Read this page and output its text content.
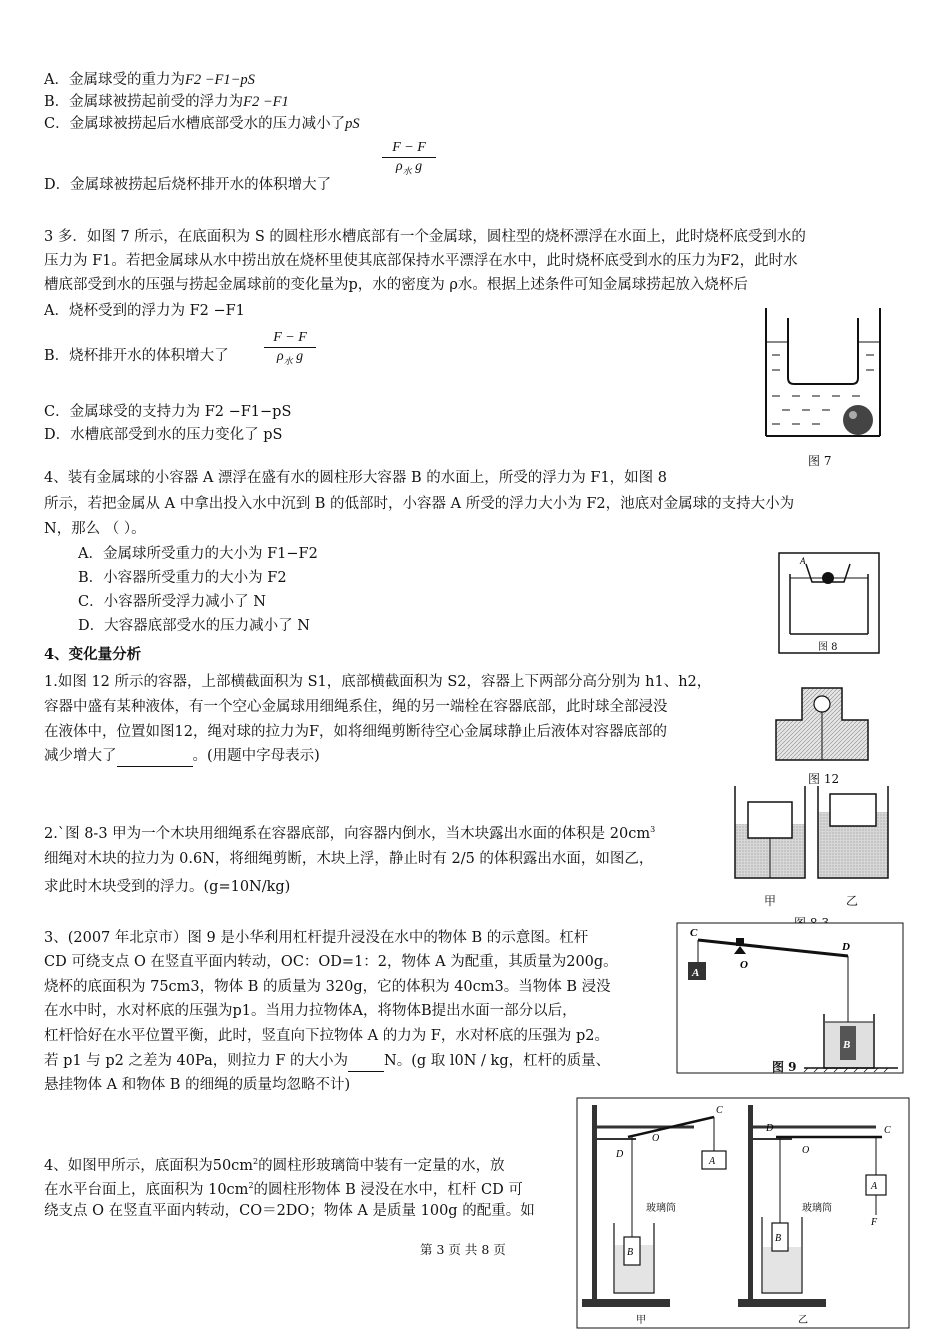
A．金属球受的重力为F2 −F1−pS
B．金属球被捞起前受的浮力为F2 −F1
C．金属球被捞起后水槽底部受水的压力减小了pS
D．金属球被捞起后烧杯排开水的体积增大了
F − F
$\rho_水$ g
3 多．如图 7 所示，在底面积为 S 的圆柱形水槽底部有一个金属球，圆柱型的烧杯漂浮在水面上，此时烧杯底受到水的
压力为 F1。若把金属球从水中捞出放在烧杯里使其底部保持水平漂浮在水中，此时烧杯底受到水的压力为F2，此时水
槽底部受到水的压强与捞起金属球前的变化量为p，水的密度为 ρ水。根据上述条件可知金属球捞起放入烧杯后
A．烧杯受到的浮力为 F2 −F1
B．烧杯排开水的体积增大了
F − F
$\rho_水$ g
C．金属球受的支持力为 F2 −F1−pS
D．水槽底部受到水的压力变化了 pS
图 7
4、装有金属球的小容器 A 漂浮在盛有水的圆柱形大容器 B 的水面上，所受的浮力为 F1，如图 8
所示，若把金属从 A 中拿出投入水中沉到 B 的低部时，小容器 A 所受的浮力大小为 F2，池底对金属球的支持大小为
N，那么 （ ）。
A．金属球所受重力的大小为 F1−F2
B．小容器所受重力的大小为 F2
C．小容器所受浮力减小了 N
D．大容器底部受水的压力减小了 N
A
图 8
4、变化量分析
1.如图 12 所示的容器，上部横截面积为 S1，底部横截面积为 S2，容器上下两部分高分别为 h1、h2，
容器中盛有某种液体，有一个空心金属球用细绳系住，绳的另一端栓在容器底部，此时球全部浸没
在液体中，位置如图12，绳对球的拉力为F，如将细绳剪断待空心金属球静止后液体对容器底部的
减少增大了	。(用题中字母表示)
图 12
2.`图 8-3 甲为一个木块用细绳系在容器底部，向容器内倒水，当木块露出水面的体积是 $20cm^3$
细绳对木块的拉力为 0.6N，将细绳剪断，木块上浮，静止时有 2/5 的体积露出水面，如图乙，
求此时木块受到的浮力。(g=10N/kg)
甲	乙
3、(2007 年北京市）图 9 是小华利用杠杆提升浸没在水中的物体 B 的示意图。杠杆
CD 可绕支点 O 在竖直平面内转动，OC：OD=1：2，物体 A 为配重，其质量为200g。
烧杯的底面积为 75cm3，物体 B 的质量为 320g，它的体积为 40cm3。当物体 B 浸没
在水中时，水对杯底的压强为p1。当用力拉物体A，将物体B提出水面一部分以后，
杠杆恰好在水平位置平衡，此时，竖直向下拉物体 A 的力为 F，水对杯底的压强为 p2。
若 p1 与 p2 之差为 40Pa，则拉力 F 的大小为 N。(g 取 l0N / kg，杠杆的质量、
悬挂物体 A 和物体 B 的细绳的质量均忽略不计)
A
B
C
O
D
图 9
4、如图甲所示，底面积为$50cm^2$的圆柱形玻璃筒中装有一定量的水，放
在水平台面上，底面积为 $10cm^2$的圆柱形物体 B 浸没在水中，杠杆 CD 可
绕支点 O 在竖直平面内转动，CO＝2DO；物体 A 是质量 100g 的配重。如
A
B
D
O
C
玻璃筒
甲
A
F
B
D
O
C
玻璃筒
乙
第 3 页 共 8 页
